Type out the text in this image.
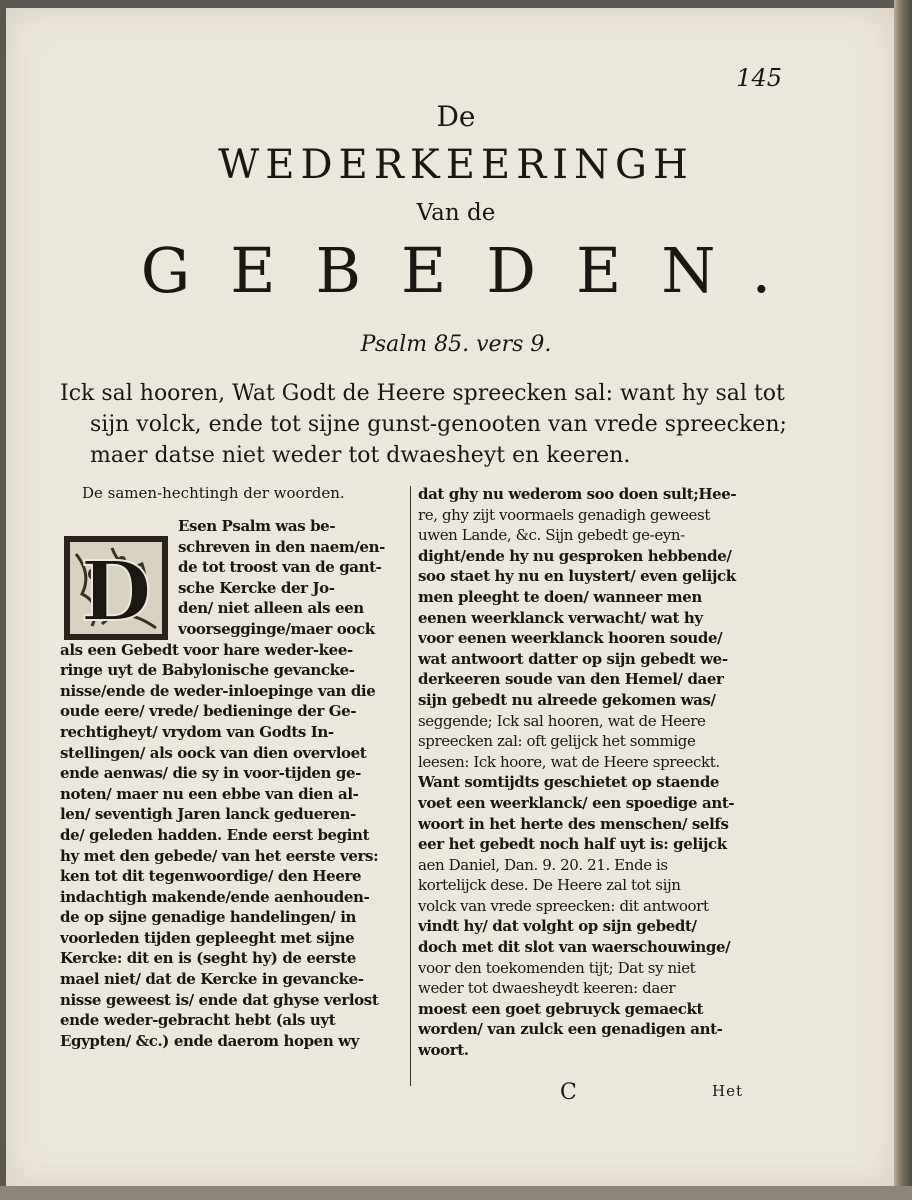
145
De
WEDERKEERINGH
Van de
GEBEDEN.
Psalm 85. vers 9.
Ick sal hooren, Wat Godt de Heere spreecken sal: want hy sal tot
sijn volck, ende tot sijne gunst-genooten van vrede spreecken;
maer datse niet weder tot dwaesheyt en keeren.
De samen-hechtingh der woorden.
D
Esen Psalm was be-
schreven in den naem/en-
de tot troost van de gant-
sche Kercke der Jo-
den/ niet alleen als een
voorsegginge/maer oock
als een Gebedt voor hare weder-kee-
ringe uyt de Babylonische gevancke-
nisse/ende de weder-inloepinge van die
oude eere/ vrede/ bedieninge der Ge-
rechtigheyt/ vrydom van Godts In-
stellingen/ als oock van dien overvloet
ende aenwas/ die sy in voor-tijden ge-
noten/ maer nu een ebbe van dien al-
len/ seventigh Jaren lanck gedueren-
de/ geleden hadden. Ende eerst begint
hy met den gebede/ van het eerste vers:
ken tot dit tegenwoordige/ den Heere
indachtigh makende/ende aenhouden-
de op sijne genadige handelingen/ in
voorleden tijden gepleeght met sijne
Kercke: dit en is (seght hy) de eerste
mael niet/ dat de Kercke in gevancke-
nisse geweest is/ ende dat ghyse verlost
ende weder-gebracht hebt (als uyt
Egypten/ &c.) ende daerom hopen wy
dat ghy nu wederom soo doen sult;Hee-
re, ghy zijt voormaels genadigh geweest
uwen Lande, &c. Sijn gebedt ge-eyn-
dight/ende hy nu gesproken hebbende/
soo staet hy nu en luystert/ even gelijck
men pleeght te doen/ wanneer men
eenen weerklanck verwacht/ wat hy
voor eenen weerklanck hooren soude/
wat antwoort datter op sijn gebedt we-
derkeeren soude van den Hemel/ daer
sijn gebedt nu alreede gekomen was/
seggende; Ick sal hooren, wat de Heere
spreecken zal: oft gelijck het sommige
leesen: Ick hoore, wat de Heere spreeckt.
Want somtijdts geschietet op staende
voet een weerklanck/ een spoedige ant-
woort in het herte des menschen/ selfs
eer het gebedt noch half uyt is: gelijck
aen Daniel, Dan. 9. 20. 21. Ende is
kortelijck dese. De Heere zal tot sijn
volck van vrede spreecken: dit antwoort
vindt hy/ dat volght op sijn gebedt/
doch met dit slot van waerschouwinge/
voor den toekomenden tijt; Dat sy niet
weder tot dwaesheydt keeren: daer
moest een goet gebruyck gemaeckt
worden/ van zulck een genadigen ant-
woort.
C	Het
